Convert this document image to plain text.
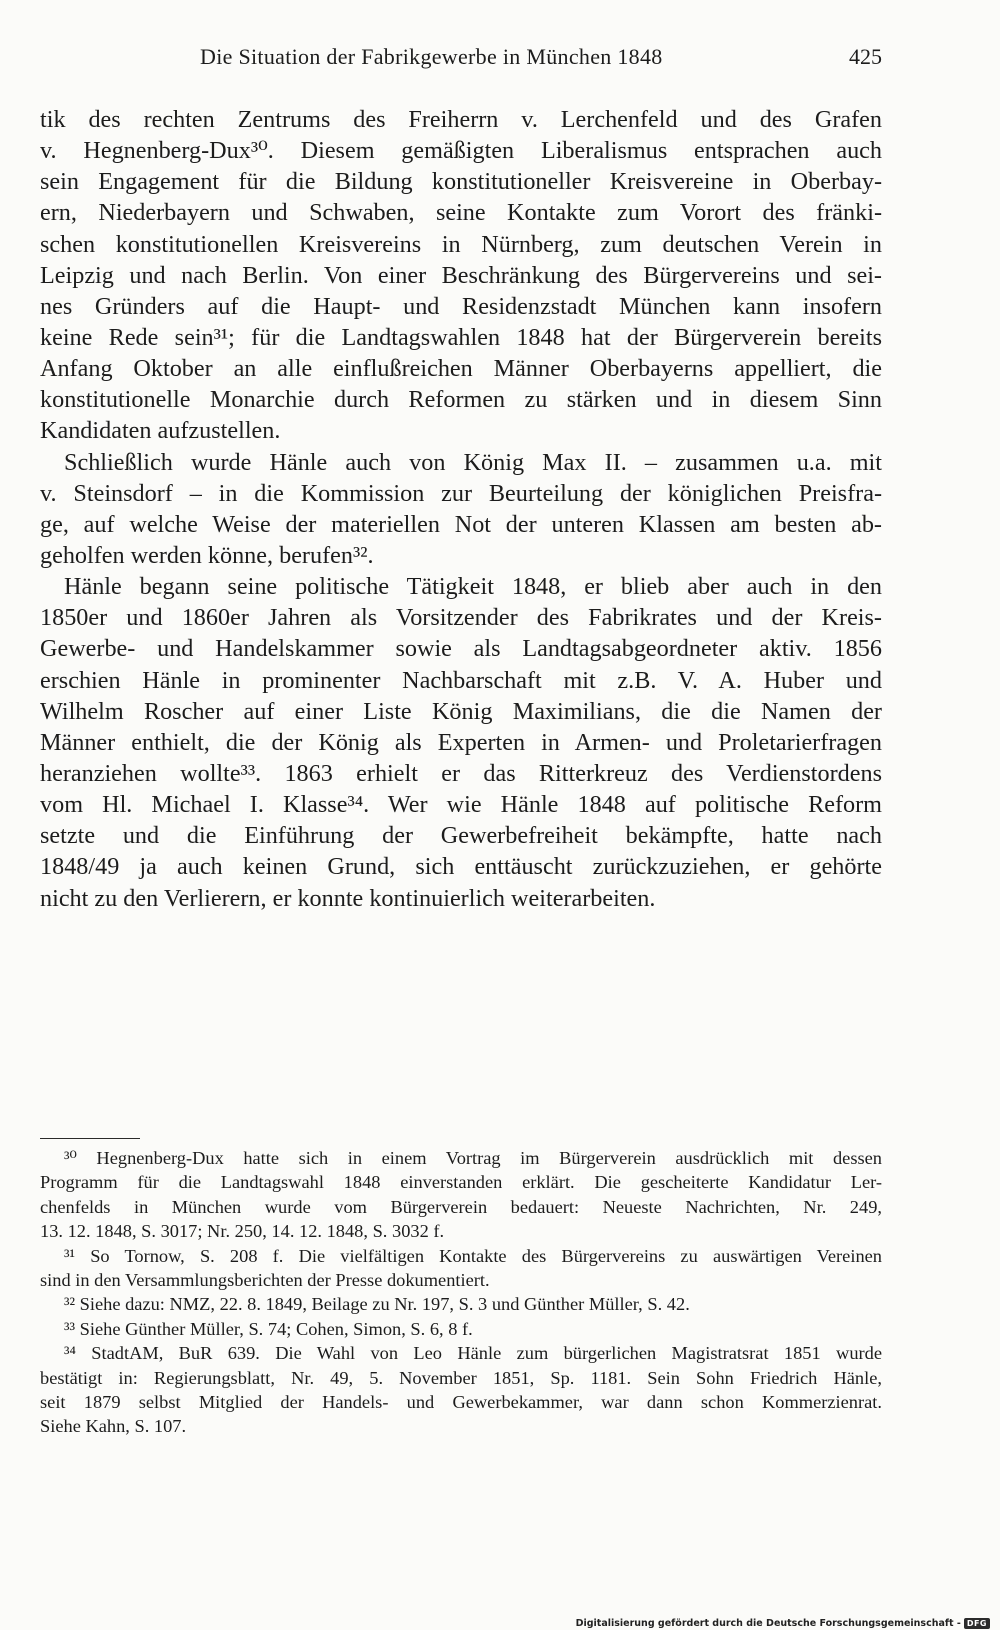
Die Situation der Fabrikgewerbe in München 1848	425
tik des rechten Zentrums des Freiherrn v. Lerchenfeld und des Grafen
v. Hegnenberg-Dux³⁰. Diesem gemäßigten Liberalismus entsprachen auch
sein Engagement für die Bildung konstitutioneller Kreisvereine in Oberbay-
ern, Niederbayern und Schwaben, seine Kontakte zum Vorort des fränki-
schen konstitutionellen Kreisvereins in Nürnberg, zum deutschen Verein in
Leipzig und nach Berlin. Von einer Beschränkung des Bürgervereins und sei-
nes Gründers auf die Haupt- und Residenzstadt München kann insofern
keine Rede sein³¹; für die Landtagswahlen 1848 hat der Bürgerverein bereits
Anfang Oktober an alle einflußreichen Männer Oberbayerns appelliert, die
konstitutionelle Monarchie durch Reformen zu stärken und in diesem Sinn
Kandidaten aufzustellen.
Schließlich wurde Hänle auch von König Max II. – zusammen u.a. mit
v. Steinsdorf – in die Kommission zur Beurteilung der königlichen Preisfra-
ge, auf welche Weise der materiellen Not der unteren Klassen am besten ab-
geholfen werden könne, berufen³².
Hänle begann seine politische Tätigkeit 1848, er blieb aber auch in den
1850er und 1860er Jahren als Vorsitzender des Fabrikrates und der Kreis-
Gewerbe- und Handelskammer sowie als Landtagsabgeordneter aktiv. 1856
erschien Hänle in prominenter Nachbarschaft mit z.B. V. A. Huber und
Wilhelm Roscher auf einer Liste König Maximilians, die die Namen der
Männer enthielt, die der König als Experten in Armen- und Proletarierfragen
heranziehen wollte³³. 1863 erhielt er das Ritterkreuz des Verdienstordens
vom Hl. Michael I. Klasse³⁴. Wer wie Hänle 1848 auf politische Reform
setzte und die Einführung der Gewerbefreiheit bekämpfte, hatte nach
1848/49 ja auch keinen Grund, sich enttäuscht zurückzuziehen, er gehörte
nicht zu den Verlierern, er konnte kontinuierlich weiterarbeiten.
³⁰ Hegnenberg-Dux hatte sich in einem Vortrag im Bürgerverein ausdrücklich mit dessen
Programm für die Landtagswahl 1848 einverstanden erklärt. Die gescheiterte Kandidatur Ler-
chenfelds in München wurde vom Bürgerverein bedauert: Neueste Nachrichten, Nr. 249,
13. 12. 1848, S. 3017; Nr. 250, 14. 12. 1848, S. 3032 f.
³¹ So Tornow, S. 208 f. Die vielfältigen Kontakte des Bürgervereins zu auswärtigen Vereinen
sind in den Versammlungsberichten der Presse dokumentiert.
³² Siehe dazu: NMZ, 22. 8. 1849, Beilage zu Nr. 197, S. 3 und Günther Müller, S. 42.
³³ Siehe Günther Müller, S. 74; Cohen, Simon, S. 6, 8 f.
³⁴ StadtAM, BuR 639. Die Wahl von Leo Hänle zum bürgerlichen Magistratsrat 1851 wurde
bestätigt in: Regierungsblatt, Nr. 49, 5. November 1851, Sp. 1181. Sein Sohn Friedrich Hänle,
seit 1879 selbst Mitglied der Handels- und Gewerbekammer, war dann schon Kommerzienrat.
Siehe Kahn, S. 107.
Digitalisierung gefördert durch die Deutsche Forschungsgemeinschaft - DFG
